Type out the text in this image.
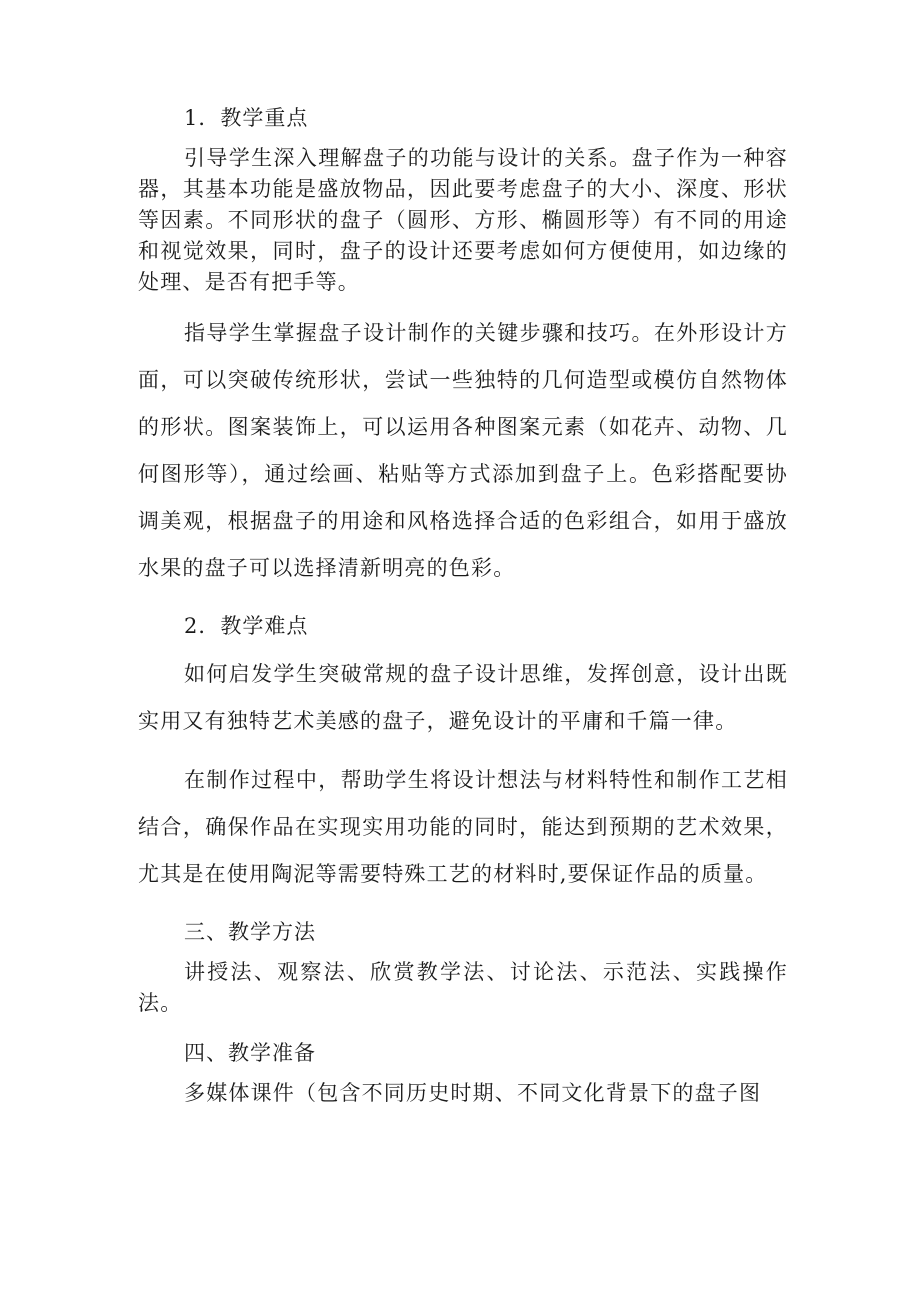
1．教学重点

引导学生深入理解盘子的功能与设计的关系。盘子作为一种容器，其基本功能是盛放物品，因此要考虑盘子的大小、深度、形状等因素。不同形状的盘子（圆形、方形、椭圆形等）有不同的用途和视觉效果，同时，盘子的设计还要考虑如何方便使用，如边缘的处理、是否有把手等。

指导学生掌握盘子设计制作的关键步骤和技巧。在外形设计方面，可以突破传统形状，尝试一些独特的几何造型或模仿自然物体的形状。图案装饰上，可以运用各种图案元素（如花卉、动物、几何图形等），通过绘画、粘贴等方式添加到盘子上。色彩搭配要协调美观，根据盘子的用途和风格选择合适的色彩组合，如用于盛放水果的盘子可以选择清新明亮的色彩。

2．教学难点

如何启发学生突破常规的盘子设计思维，发挥创意，设计出既实用又有独特艺术美感的盘子，避免设计的平庸和千篇一律。

在制作过程中，帮助学生将设计想法与材料特性和制作工艺相结合，确保作品在实现实用功能的同时，能达到预期的艺术效果，尤其是在使用陶泥等需要特殊工艺的材料时,要保证作品的质量。

三、教学方法

讲授法、观察法、欣赏教学法、讨论法、示范法、实践操作法。

四、教学准备

多媒体课件（包含不同历史时期、不同文化背景下的盘子图
